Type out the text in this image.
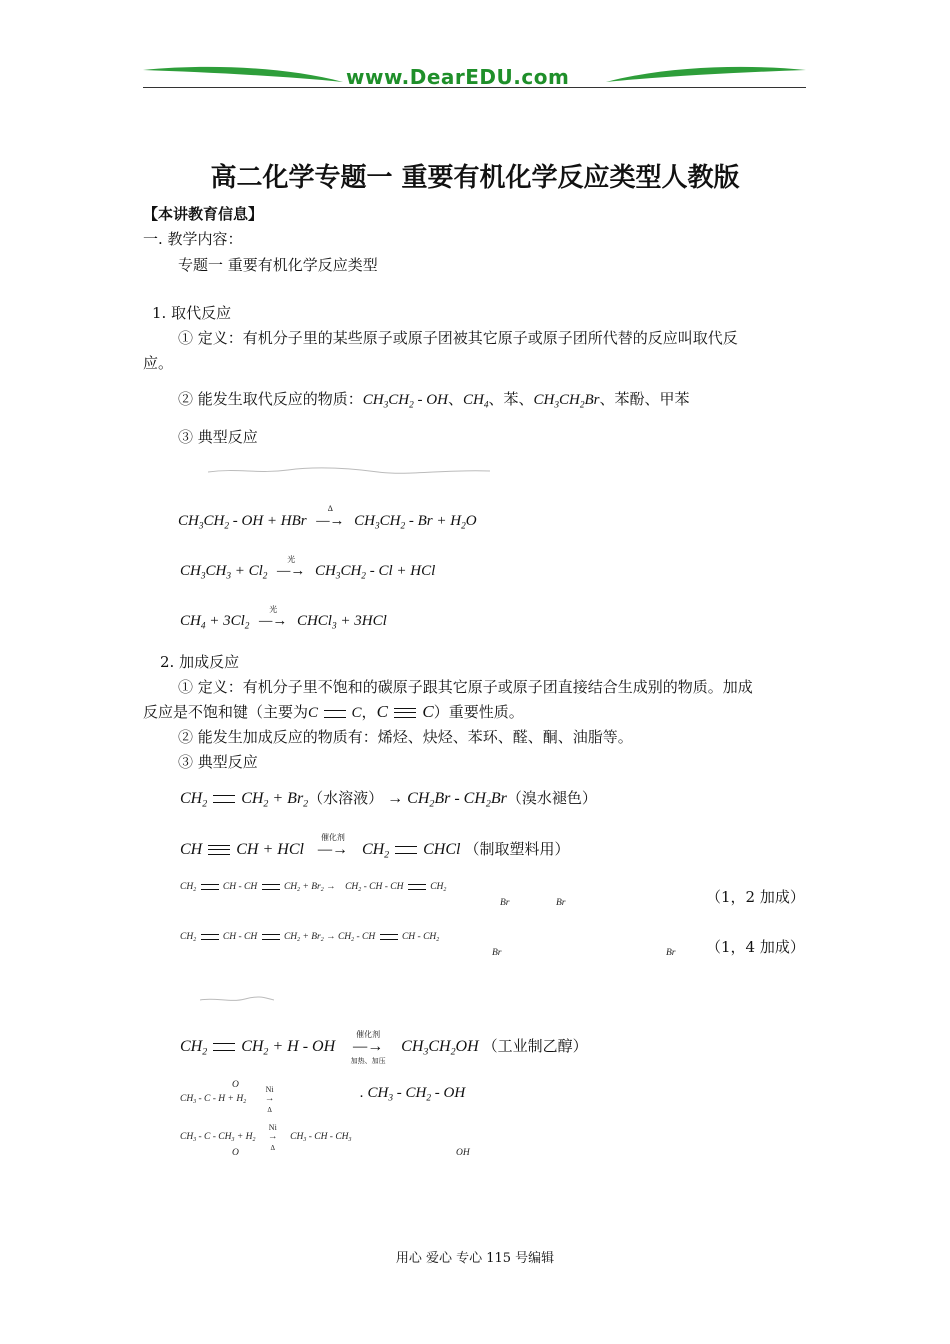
www.DearEDU.com
高二化学专题一 重要有机化学反应类型人教版
【本讲教育信息】
一. 教学内容：
专题一 重要有机化学反应类型
1. 取代反应
① 定义：有机分子里的某些原子或原子团被其它原子或原子团所代替的反应叫取代反
应。
② 能发生取代反应的物质：$CH_3CH_2$ - OH、$CH_4$、苯、$CH_3CH_2Br$、苯酚、甲苯
③ 典型反应
$CH_3CH_2$ - OH + HBr —→
Δ
$CH_3CH_2 - Br + H_2O$
$CH_3CH_3 + Cl_2$ —→
光
$CH_3CH_2$ - Cl + HCl
$CH_4 + 3Cl_2$ —→
光
CHCl$_3$ + 3HCl
2. 加成反应
① 定义：有机分子里不饱和的碳原子跟其它原子或原子团直接结合生成别的物质。加成
反应是不饱和键（主要为C  C，C  C）重要性质。
② 能发生加成反应的物质有：烯烃、炔烃、苯环、醛、酮、油脂等。
③ 典型反应
$CH_2$  $CH_2 + Br_2$（水溶液） → $CH_2Br - CH_2Br$（溴水褪色）
CH  CH + HCl —→
催化剂
$CH_2$  CHCl （制取塑料用）
$CH_2$	CH - CH  $CH_2 + Br_2$ →    $CH_2$ - CH - CH  $CH_2$
Br	Br	（1，2 加成）
$CH_2$	CH - CH  $CH_2 + Br_2 \to CH_2$ - CH  CH - $CH_2$
Br	Br （1，4 加成）
$CH_2$  $CH_2 + H$ - OH —→
催化剂
加热、加压
$CH_3CH_2OH$ （工业制乙醇）
$CH_3 - C - H + H_2$ →
Ni
Δ
O	. $CH_3 - CH_2$ - OH
$CH_3 - C - CH_3 + H_2$ →
Ni
Δ
$CH_3$ - CH - $CH_3$
O	OH
用心 爱心 专心 115 号编辑
